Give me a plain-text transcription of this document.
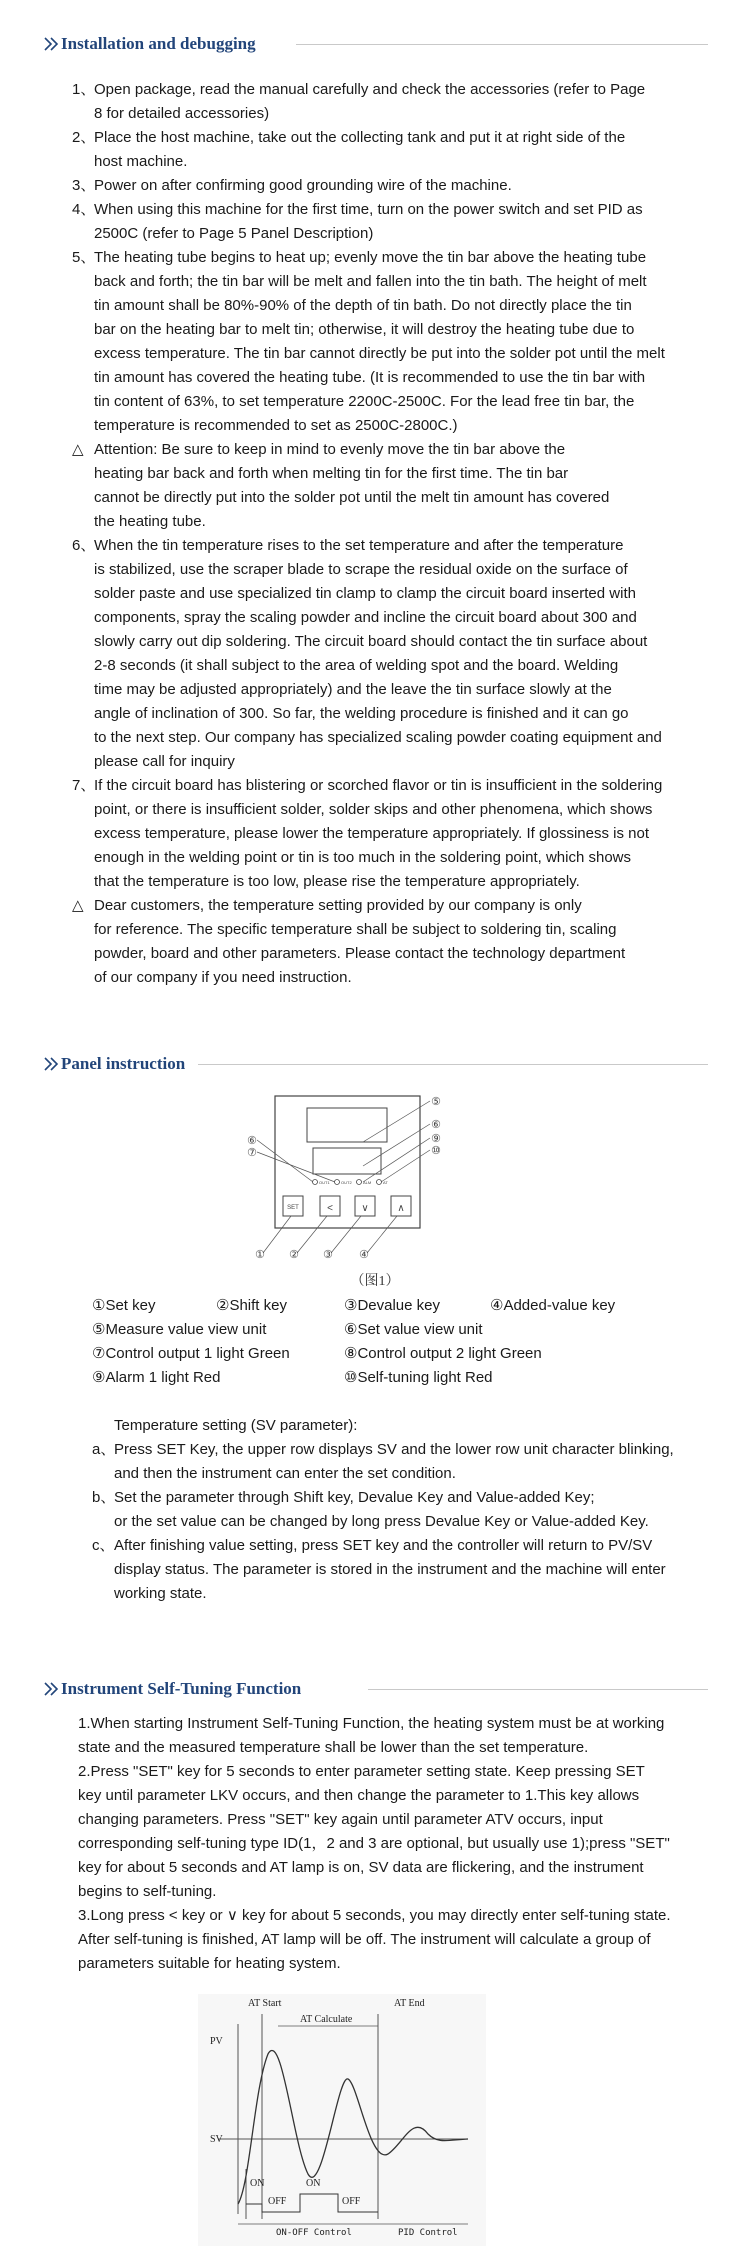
Installation and debugging
1、Open package, read the manual carefully and check the accessories (refer to Page
8 for detailed accessories)
2、Place the host machine, take out the collecting tank and put it at right side of the
host machine.
3、Power on after confirming good grounding wire of the machine.
4、When using this machine for the first time, turn on the power switch and set PID as
2500C (refer to Page 5 Panel Description)
5、The heating tube begins to heat up; evenly move the tin bar above the heating tube
back and forth; the tin bar will be melt and fallen into the tin bath. The height of melt
tin amount shall be 80%-90% of the depth of tin bath. Do not directly place the tin
bar on the heating bar to melt tin; otherwise, it will destroy the heating tube due to
excess temperature. The tin bar cannot directly be put into the solder pot until the melt
tin amount has covered the heating tube. (It is recommended to use the tin bar with
tin content of 63%, to set temperature 2200C-2500C. For the lead free tin bar, the
temperature is recommended to set as 2500C-2800C.)
△ Attention: Be sure to keep in mind to evenly move the tin bar above the
heating bar back and forth when melting tin for the first time. The tin bar
cannot be directly put into the solder pot until the melt tin amount has covered
the heating tube.
6、When the tin temperature rises to the set temperature and after the temperature
is stabilized, use the scraper blade to scrape the residual oxide on the surface of
solder paste and use specialized tin clamp to clamp the circuit board inserted with
components, spray the scaling powder and incline the circuit board about 300 and
slowly carry out dip soldering. The circuit board should contact the tin surface about
2-8 seconds (it shall subject to the area of welding spot and the board. Welding
time may be adjusted appropriately) and the leave the tin surface slowly at the
angle of inclination of 300. So far, the welding procedure is finished and it can go
to the next step. Our company has specialized scaling powder coating equipment and
please call for inquiry
7、If the circuit board has blistering or scorched flavor or tin is insufficient in the soldering
point, or there is insufficient solder, solder skips and other phenomena, which shows
excess temperature, please lower the temperature appropriately. If glossiness is not
enough in the welding point or tin is too much in the soldering point, which shows
that the temperature is too low, please rise the temperature appropriately.
△ Dear customers, the temperature setting provided by our company is only
for reference. The specific temperature shall be subject to soldering tin, scaling
powder, board and other parameters. Please contact the technology department
of our company if you need instruction.
Panel instruction
OUT1	OUT2	ALM	AT
SET	<	∨	∧
① ② ③ ④
⑤
⑥
⑥
⑦
⑨
⑩
（图1）
①Set key	②Shift key	③Devalue key	④Added-value key
⑤Measure value view unit	⑥Set value view unit
⑦Control output 1 light Green	⑧Control output 2 light Green
⑨Alarm 1 light Red	⑩Self-tuning light Red
Temperature setting (SV parameter):
a、Press SET Key, the upper row displays SV and the lower row unit character blinking,
and then the instrument can enter the set condition.
b、Set the parameter through Shift key, Devalue Key and Value-added Key;
or the set value can be changed by long press Devalue Key or Value-added Key.
c、After finishing value setting, press SET key and the controller will return to PV/SV
display status. The parameter is stored in the instrument and the machine will enter
working state.
Instrument Self-Tuning Function
1.When starting Instrument Self-Tuning Function, the heating system must be at working
state and the measured temperature shall be lower than the set temperature.
2.Press "SET" key for 5 seconds to enter parameter setting state. Keep pressing SET
key until parameter LKV occurs, and then change the parameter to 1.This key allows
changing parameters. Press "SET" key again until parameter ATV occurs, input
corresponding self-tuning type ID(1，2 and 3 are optional, but usually use 1);press "SET"
key for about 5 seconds and AT lamp is on, SV data are flickering, and the instrument
begins to self-tuning.
3.Long press < key or ∨ key for about 5 seconds, you may directly enter self-tuning state.
After self-tuning is finished, AT lamp will be off. The instrument will calculate a group of
parameters suitable for heating system.
AT Start	AT End
AT Calculate
PV
SV
ON
OFF
ON
OFF
ON-OFF Control	PID Control
